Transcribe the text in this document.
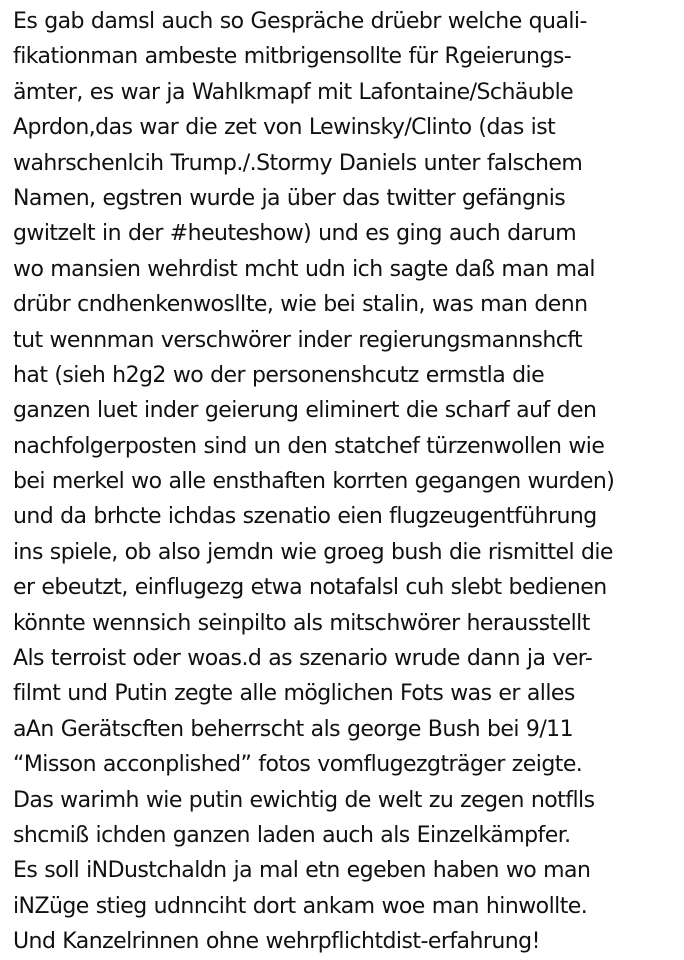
Es gab damsl auch so Gespräche drüebr welche quali-
fikationman ambeste mitbrigensollte für Rgeierungs-
ämter, es war ja Wahlkmapf mit Lafontaine/Schäuble
Aprdon,das war die zet von Lewinsky/Clinto (das ist
wahrschenlcih Trump./.Stormy Daniels unter falschem
Namen, egstren wurde ja über das twitter gefängnis
gwitzelt in der #heuteshow) und es ging auch darum
wo mansien wehrdist mcht udn ich sagte daß man mal
drübr cndhenkenwoslIte, wie bei stalin, was man denn
tut wennman verschwörer inder regierungsmannshcft
hat (sieh h2g2 wo der personenshcutz ermstla die
ganzen luet inder geierung eliminert die scharf auf den
nachfolgerposten sind un den statchef türzenwollen wie
bei merkel wo alle ensthaften korrten gegangen wurden)
und da brhcte ichdas szenatio eien flugzeugentführung
ins spiele, ob also jemdn wie groeg bush die rismittel die
er ebeutzt, einflugezg etwa notafalsl cuh slebt bedienen
könnte wennsich seinpilto als mitschwörer herausstellt
Als terroist oder woas.d as szenario wrude dann ja ver-
filmt und Putin zegte alle möglichen Fots was er alles
aAn Gerätscften beherrscht als george Bush bei 9/11
“Misson acconplished” fotos vomflugezgträger zeigte.
Das warimh wie putin ewichtig de welt zu zegen notflls
shcmiß ichden ganzen laden auch als Einzelkämpfer.
Es soll iNDustchaldn ja mal etn egeben haben wo man
iNZüge stieg udnnciht dort ankam woe man hinwollte.
Und Kanzelrinnen ohne wehrpflichtdist-erfahrung!
